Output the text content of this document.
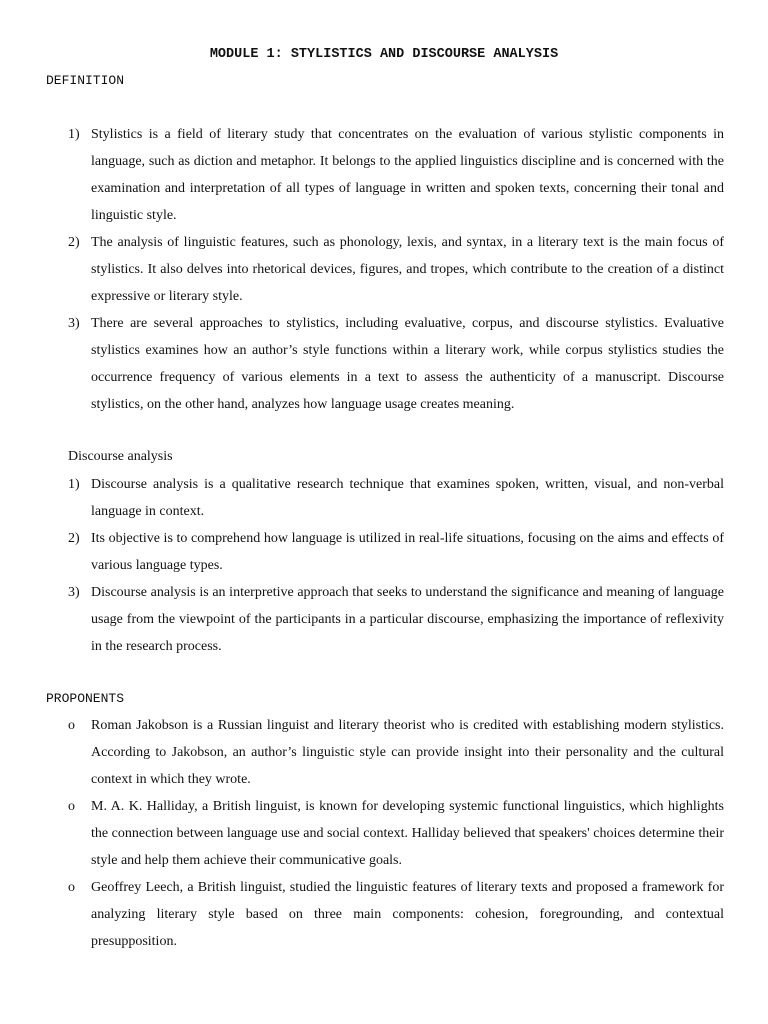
MODULE 1: STYLISTICS AND DISCOURSE ANALYSIS
DEFINITION
1) Stylistics is a field of literary study that concentrates on the evaluation of various stylistic components in language, such as diction and metaphor. It belongs to the applied linguistics discipline and is concerned with the examination and interpretation of all types of language in written and spoken texts, concerning their tonal and linguistic style.
2) The analysis of linguistic features, such as phonology, lexis, and syntax, in a literary text is the main focus of stylistics. It also delves into rhetorical devices, figures, and tropes, which contribute to the creation of a distinct expressive or literary style.
3) There are several approaches to stylistics, including evaluative, corpus, and discourse stylistics. Evaluative stylistics examines how an author’s style functions within a literary work, while corpus stylistics studies the occurrence frequency of various elements in a text to assess the authenticity of a manuscript. Discourse stylistics, on the other hand, analyzes how language usage creates meaning.
Discourse analysis
1) Discourse analysis is a qualitative research technique that examines spoken, written, visual, and non-verbal language in context.
2) Its objective is to comprehend how language is utilized in real-life situations, focusing on the aims and effects of various language types.
3) Discourse analysis is an interpretive approach that seeks to understand the significance and meaning of language usage from the viewpoint of the participants in a particular discourse, emphasizing the importance of reflexivity in the research process.
PROPONENTS
o Roman Jakobson is a Russian linguist and literary theorist who is credited with establishing modern stylistics. According to Jakobson, an author’s linguistic style can provide insight into their personality and the cultural context in which they wrote.
o M. A. K. Halliday, a British linguist, is known for developing systemic functional linguistics, which highlights the connection between language use and social context. Halliday believed that speakers' choices determine their style and help them achieve their communicative goals.
o Geoffrey Leech, a British linguist, studied the linguistic features of literary texts and proposed a framework for analyzing literary style based on three main components: cohesion, foregrounding, and contextual presupposition.
